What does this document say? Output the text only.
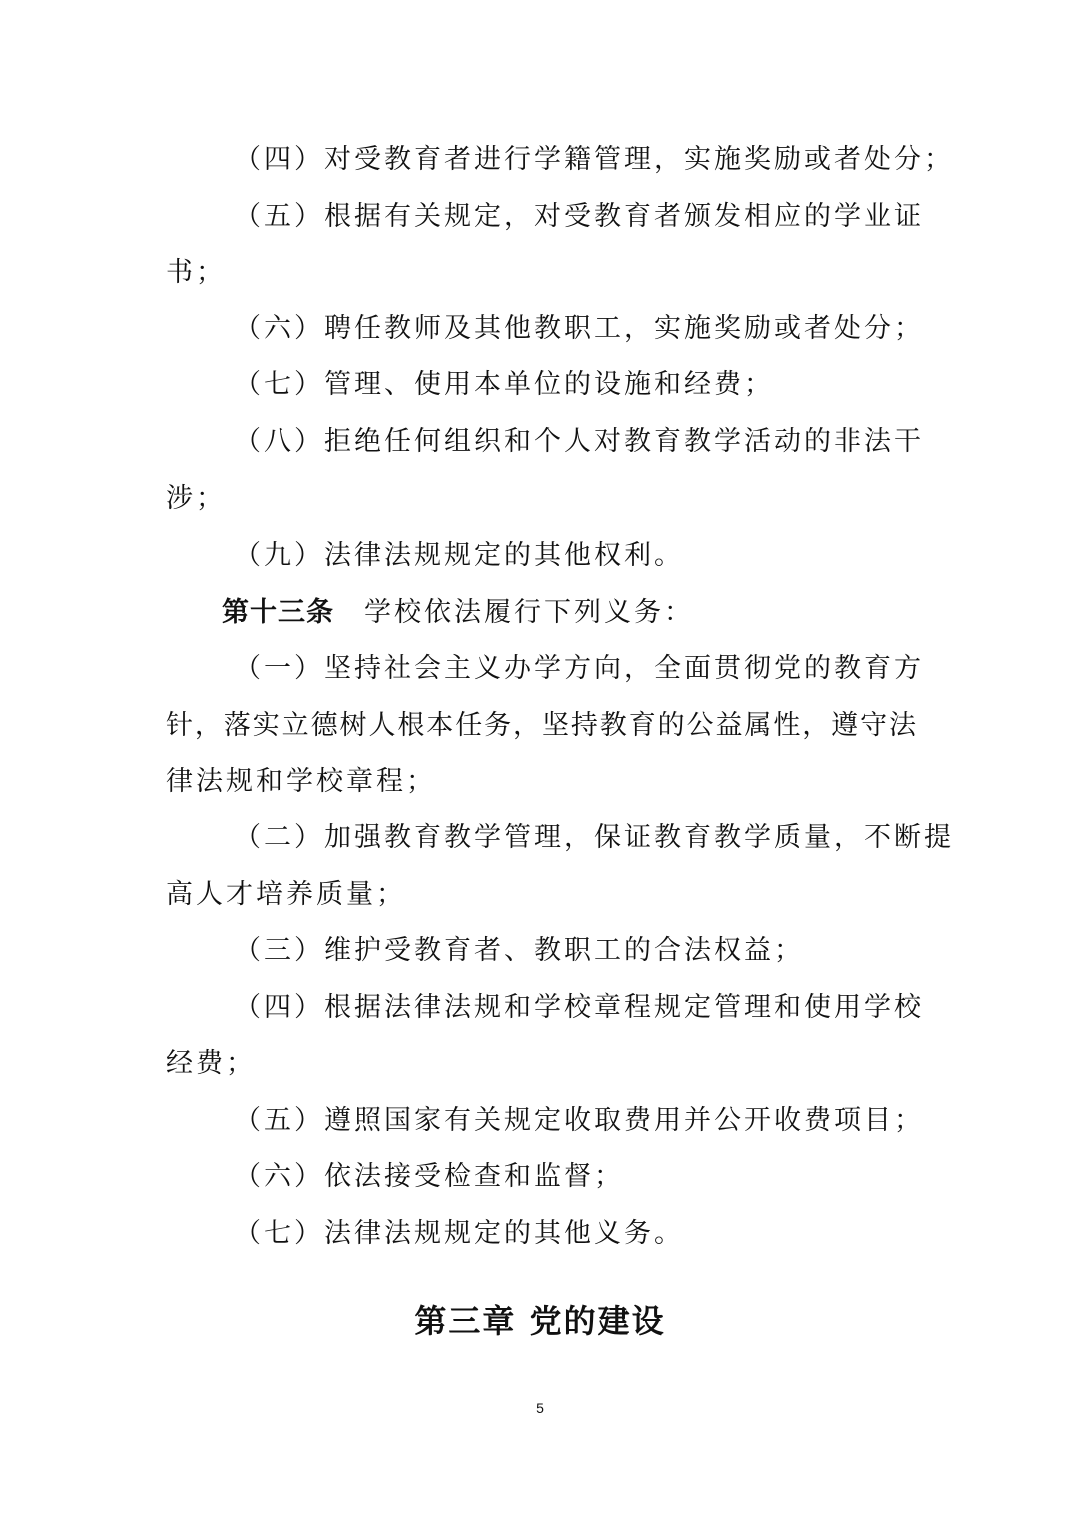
（四）对受教育者进行学籍管理，实施奖励或者处分；

（五）根据有关规定，对受教育者颁发相应的学业证

书；

（六）聘任教师及其他教职工，实施奖励或者处分；

（七）管理、使用本单位的设施和经费；

（八）拒绝任何组织和个人对教育教学活动的非法干

涉；

（九）法律法规规定的其他权利。

第十三条 学校依法履行下列义务：

（一）坚持社会主义办学方向，全面贯彻党的教育方

针，落实立德树人根本任务，坚持教育的公益属性，遵守法

律法规和学校章程；

（二）加强教育教学管理，保证教育教学质量，不断提

高人才培养质量；

（三）维护受教育者、教职工的合法权益；

（四）根据法律法规和学校章程规定管理和使用学校

经费；

（五）遵照国家有关规定收取费用并公开收费项目；

（六）依法接受检查和监督；

（七）法律法规规定的其他义务。

第三章 党的建设
5
